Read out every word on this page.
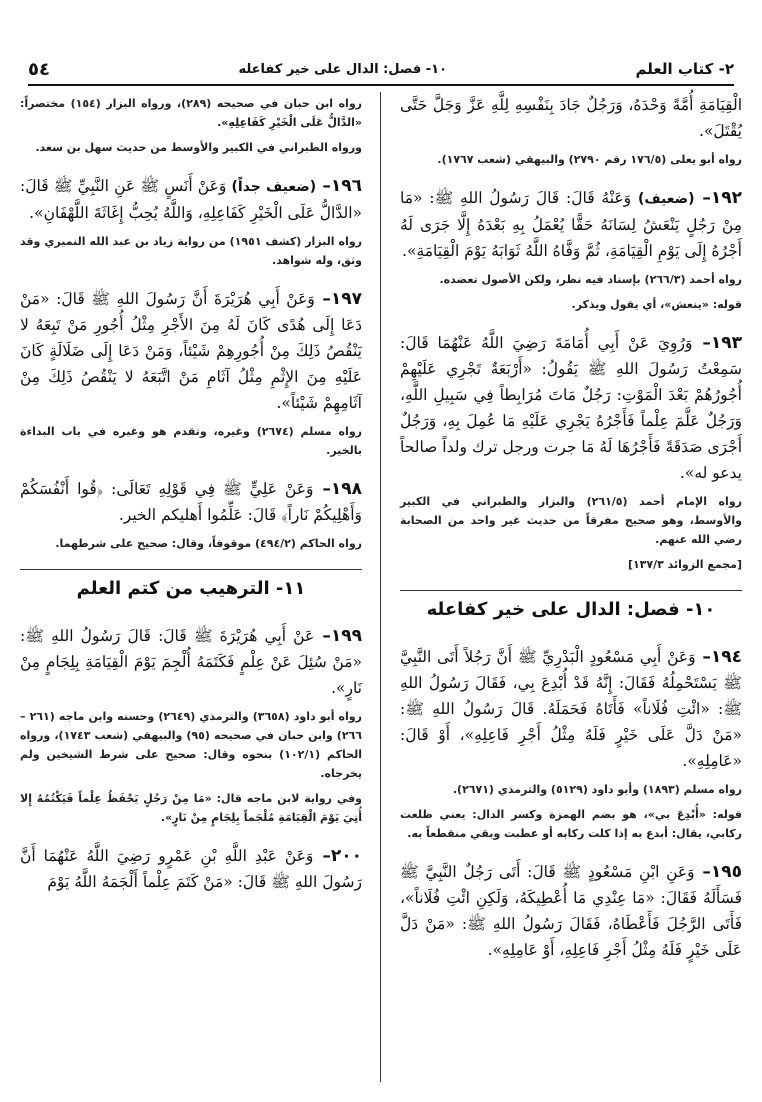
٢- كتاب العلم
١٠- فصل: الدال على خير كفاعله
٥٤

الْقِيَامَةِ أُمَّةً وَحْدَهُ، وَرَجُلٌ جَادَ بِنَفْسِهِ لِلَّهِ عَزَّ وَجَلَّ حَتَّى يُقْتَلَ».

رواه أبو يعلى (١٧٦/٥ رقم ٢٧٩٠) والبيهقي (شعب ١٧٦٧).

١٩٢– (ضعيف) وَعَنْهُ قَالَ: قَالَ رَسُولُ اللهِ ﷺ: «مَا مِنْ رَجُلٍ يَنْعَشُ لِسَانَهُ حَقًّا يُعْمَلُ بِهِ بَعْدَهُ إِلَّا جَرَى لَهُ أَجْرُهُ إِلَى يَوْمِ الْقِيَامَةِ، ثُمَّ وَفَّاهُ اللَّهُ ثَوَابَهُ يَوْمَ الْقِيَامَةِ».

رواه أحمد (٢٦٦/٣) بإسناد فيه نظر، ولكن الأصول تعضده.

قوله: «ينعش»، أي يقول ويذكر.

١٩٣– وَرُوِيَ عَنْ أَبِي أُمَامَةَ رَضِيَ اللَّهُ عَنْهُمَا قَالَ: سَمِعْتُ رَسُولَ اللهِ ﷺ يَقُولُ: «أَرْبَعَةٌ تَجْرِي عَلَيْهِمْ أُجُورُهُمْ بَعْدَ الْمَوْتِ: رَجُلٌ مَاتَ مُرَابِطاً فِي سَبِيلِ اللَّهِ، وَرَجُلٌ عَلَّمَ عِلْماً فَأَجْرُهُ يَجْرِي عَلَيْهِ مَا عُمِلَ بِهِ، وَرَجُلٌ أَجْرَى صَدَقَةً فَأَجْرُهَا لَهُ مَا جرت ورجل ترك ولداً صالحاً يدعو له».

رواه الإمام أحمد (٢٦١/٥) والبزار والطبراني في الكبير والأوسط، وهو صحيح مفرقاً من حديث غير واحد من الصحابة رضي الله عنهم.

[مجمع الزوائد ١٣٧/٣]

١٠- فصل: الدال على خير كفاعله

١٩٤– وَعَنْ أَبِي مَسْعُودٍ الْبَدْرِيِّ ﷺ أَنَّ رَجُلاً أَتَى النَّبِيَّ ﷺ يَسْتَحْمِلُهُ فَقَالَ: إِنَّهُ قَدْ أُبْدِعَ بِي، فَقَالَ رَسُولُ اللهِ ﷺ: «ائْتِ فُلَاناً» فَأَتَاهُ فَحَمَلَهُ. قَالَ رَسُولُ اللهِ ﷺ: «مَنْ دَلَّ عَلَى خَيْرٍ فَلَهُ مِثْلُ أَجْرِ فَاعِلِهِ»، أَوْ قَالَ: «عَامِلِهِ».

رواه مسلم (١٨٩٣) وأبو داود (٥١٢٩) والترمذي (٢٦٧١).

قوله: «أُبْدِعَ بي»، هو بضم الهمزة وكسر الدال: يعني ظلعت ركابي، يقال: أبدع به إذا كلت ركابه أو عطبت وبقي منقطعاً به.

١٩٥– وَعَنِ ابْنِ مَسْعُودٍ ﷺ قَالَ: أَتَى رَجُلٌ النَّبِيَّ ﷺ فَسَأَلَهُ فَقَالَ: «مَا عِنْدِي مَا أُعْطِيكَهُ، وَلَكِنِ ائْتِ فُلَاناً»، فَأَتَى الرَّجُلَ فَأَعْطَاهُ، فَقَالَ رَسُولُ اللهِ ﷺ: «مَنْ دَلَّ عَلَى خَيْرٍ فَلَهُ مِثْلُ أَجْرِ فَاعِلِهِ، أَوْ عَامِلِهِ».

رواه ابن حبان في صحيحه (٢٨٩)، ورواه البزار (١٥٤) مختصراً: «الدَّالُّ عَلَى الْخَيْرِ كَفَاعِلِهِ».

ورواه الطبراني في الكبير والأوسط من حديث سهل بن سعد.

١٩٦– (ضعيف جداً) وَعَنْ أَنَسٍ ﷺ عَنِ النَّبِيِّ ﷺ قَالَ: «الدَّالُّ عَلَى الْخَيْرِ كَفَاعِلِهِ، وَاللَّهُ يُحِبُّ إِغَاثَةَ اللَّهْفَانِ».

رواه البزار (كشف ١٩٥١) من رواية زياد بن عبد الله النميري وقد وثق، وله شواهد.

١٩٧– وَعَنْ أَبِي هُرَيْرَةَ أَنَّ رَسُولَ اللهِ ﷺ قَالَ: «مَنْ دَعَا إِلَى هُدًى كَانَ لَهُ مِنَ الأَجْرِ مِثْلُ أُجُورِ مَنْ تَبِعَهُ لا يَنْقُصُ ذَلِكَ مِنْ أُجُورِهِمْ شَيْئاً، وَمَنْ دَعَا إِلَى ضَلَالَةٍ كَانَ عَلَيْهِ مِنَ الإِثْمِ مِثْلُ آثَامِ مَنْ اتَّبَعَهُ لا يَنْقُصُ ذَلِكَ مِنْ آثَامِهِمْ شَيْئاً».

رواه مسلم (٢٦٧٤) وغيره، وتقدم هو وغيره في باب البداءة بالخير.

١٩٨– وَعَنْ عَلِيٍّ ﷺ فِي قَوْلِهِ تَعَالَى: ﴿قُوا أَنْفُسَكُمْ وَأَهْلِيكُمْ نَاراً﴾ قَالَ: عَلِّمُوا أَهليكم الخير.

رواه الحاكم (٤٩٤/٢) موقوفاً، وقال: صحيح على شرطهما.

١١- الترهيب من كتم العلم

١٩٩– عَنْ أَبِي هُرَيْرَةَ ﷺ قَالَ: قَالَ رَسُولُ اللهِ ﷺ: «مَنْ سُئِلَ عَنْ عِلْمٍ فَكَتَمَهُ أُلْجِمَ يَوْمَ الْقِيَامَةِ بِلِجَامٍ مِنْ نَارٍ».

رواه أبو داود (٣٦٥٨) والترمذي (٢٦٤٩) وحسنه وابن ماجه (٢٦١ – ٢٦٦) وابن حبان في صحيحه (٩٥) والبيهقي (شعب ١٧٤٣)، ورواه الحاكم (١٠٢/١) بنحوه وقال: صحيح على شرط الشيخين ولم يخرجاه.

وفي رواية لابن ماجه قال: «مَا مِنْ رَجُلٍ يَحْفَظُ عِلْماً فَيَكْتُمُهُ إِلا أُتِيَ يَوْمَ الْقِيَامَةِ مُلْجَماً بِلِجَامٍ مِنْ نَارٍ».

٢٠٠– وَعَنْ عَبْدِ اللَّهِ بْنِ عَمْرٍو رَضِيَ اللَّهُ عَنْهُمَا أَنَّ رَسُولَ اللهِ ﷺ قَالَ: «مَنْ كَتَمَ عِلْماً أَلْجَمَهُ اللَّهُ يَوْمَ
